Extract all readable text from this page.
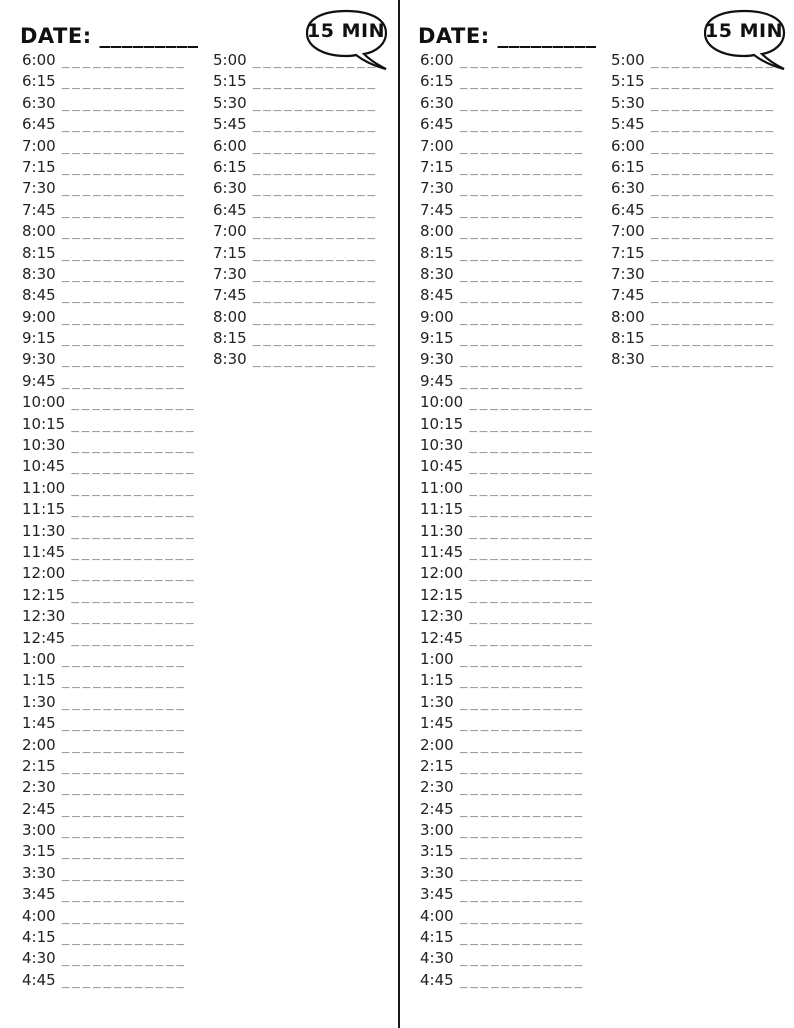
DATE: _________	15 MIN
6:00 ____________
6:15 ____________
6:30 ____________
6:45 ____________
7:00 ____________
7:15 ____________
7:30 ____________
7:45 ____________
8:00 ____________
8:15 ____________
8:30 ____________
8:45 ____________
9:00 ____________
9:15 ____________
9:30 ____________
9:45 ____________
10:00 ____________
10:15 ____________
10:30 ____________
10:45 ____________
11:00 ____________
11:15 ____________
11:30 ____________
11:45 ____________
12:00 ____________
12:15 ____________
12:30 ____________
12:45 ____________
1:00 ____________
1:15 ____________
1:30 ____________
1:45 ____________
2:00 ____________
2:15 ____________
2:30 ____________
2:45 ____________
3:00 ____________
3:15 ____________
3:30 ____________
3:45 ____________
4:00 ____________
4:15 ____________
4:30 ____________
4:45 ____________
5:00 ____________
5:15 ____________
5:30 ____________
5:45 ____________
6:00 ____________
6:15 ____________
6:30 ____________
6:45 ____________
7:00 ____________
7:15 ____________
7:30 ____________
7:45 ____________
8:00 ____________
8:15 ____________
8:30 ____________
DATE: _________	15 MIN
6:00 ____________
6:15 ____________
6:30 ____________
6:45 ____________
7:00 ____________
7:15 ____________
7:30 ____________
7:45 ____________
8:00 ____________
8:15 ____________
8:30 ____________
8:45 ____________
9:00 ____________
9:15 ____________
9:30 ____________
9:45 ____________
10:00 ____________
10:15 ____________
10:30 ____________
10:45 ____________
11:00 ____________
11:15 ____________
11:30 ____________
11:45 ____________
12:00 ____________
12:15 ____________
12:30 ____________
12:45 ____________
1:00 ____________
1:15 ____________
1:30 ____________
1:45 ____________
2:00 ____________
2:15 ____________
2:30 ____________
2:45 ____________
3:00 ____________
3:15 ____________
3:30 ____________
3:45 ____________
4:00 ____________
4:15 ____________
4:30 ____________
4:45 ____________
5:00 ____________
5:15 ____________
5:30 ____________
5:45 ____________
6:00 ____________
6:15 ____________
6:30 ____________
6:45 ____________
7:00 ____________
7:15 ____________
7:30 ____________
7:45 ____________
8:00 ____________
8:15 ____________
8:30 ____________
